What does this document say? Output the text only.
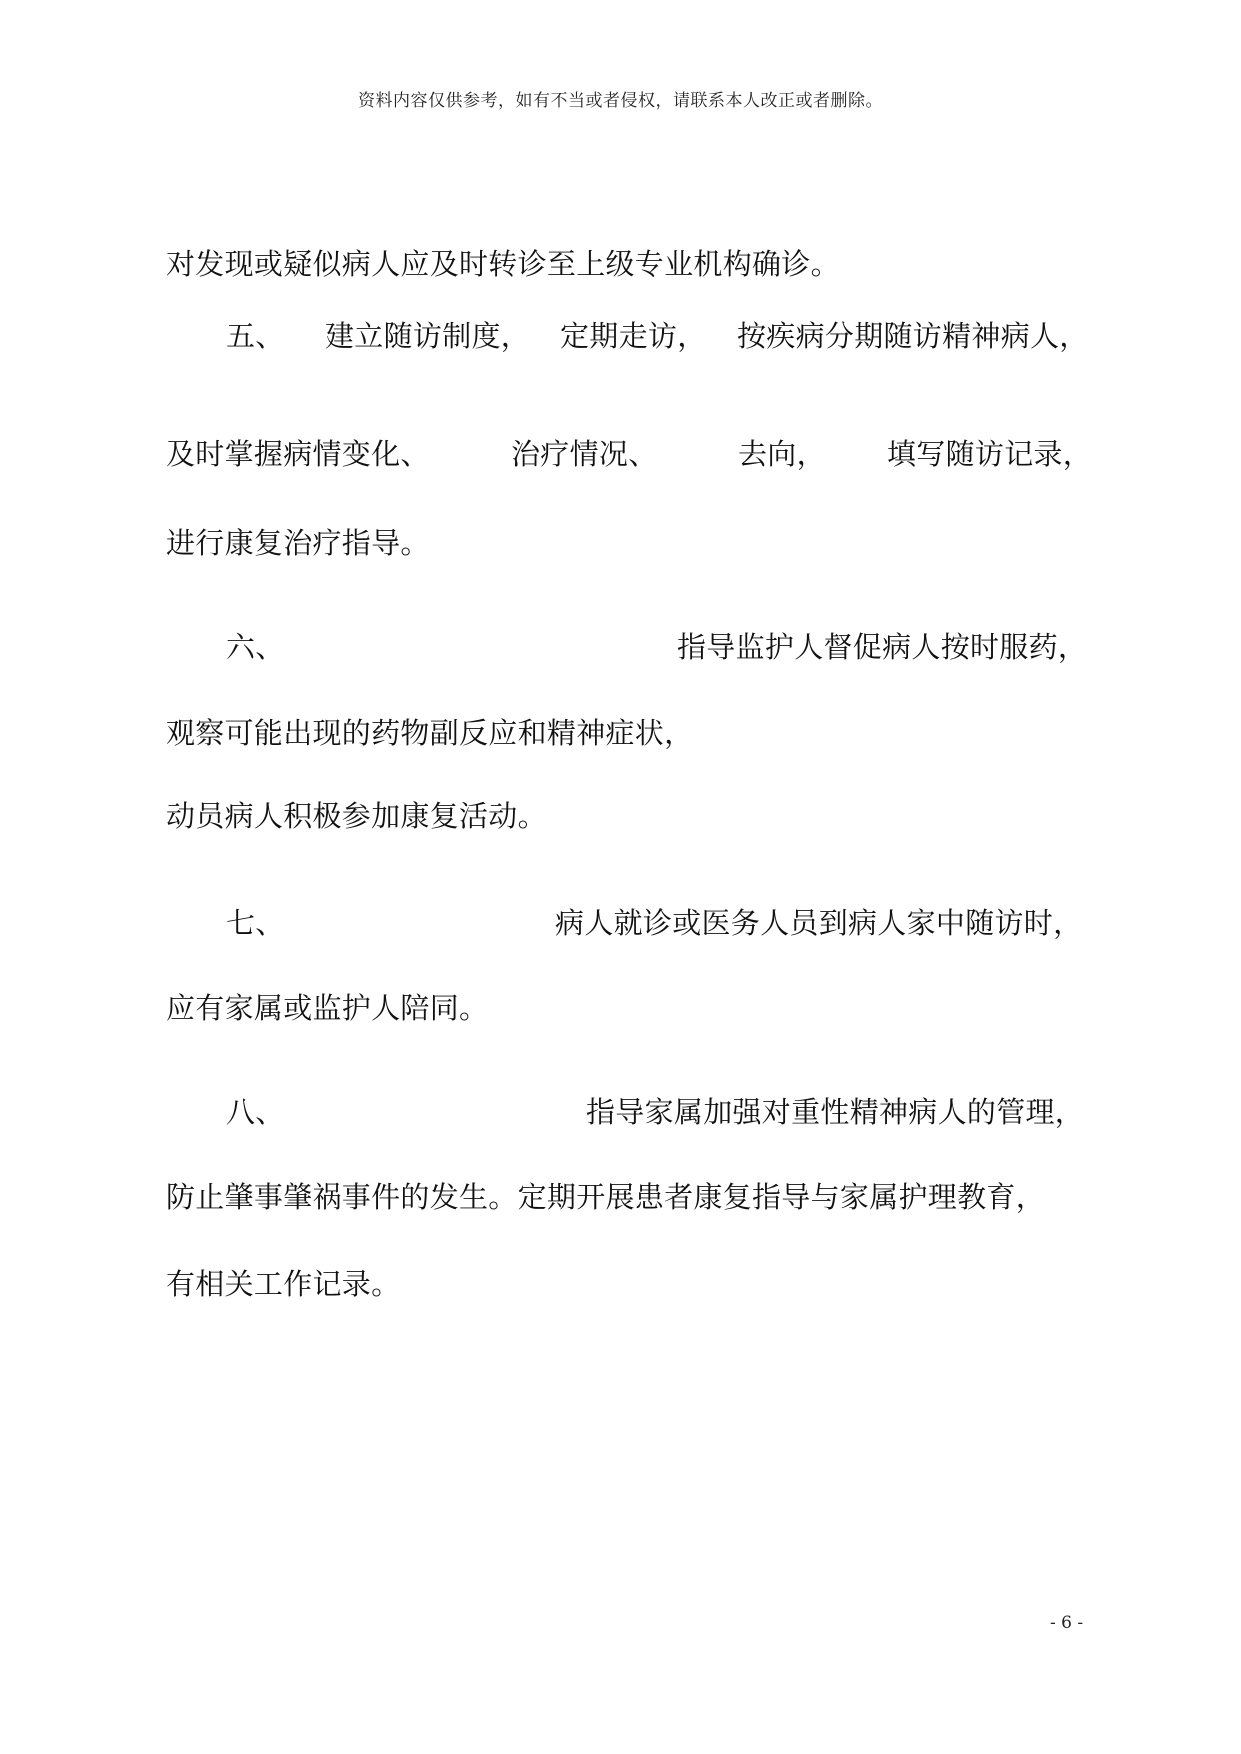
资料内容仅供参考，如有不当或者侵权，请联系本人改正或者删除。
对发现或疑似病人应及时转诊至上级专业机构确诊。
五、 建立随访制度， 定期走访， 按疾病分期随访精神病人，
及时掌握病情变化、	治疗情况、	去向， 填写随访记录，
进行康复治疗指导。
六、	指导监护人督促病人按时服药，
观察可能出现的药物副反应和精神症状，
动员病人积极参加康复活动。
七、	病人就诊或医务人员到病人家中随访时，
应有家属或监护人陪同。
八、	指导家属加强对重性精神病人的管理，
防止肇事肇祸事件的发生。定期开展患者康复指导与家属护理教育，
有相关工作记录。
- 6 -
